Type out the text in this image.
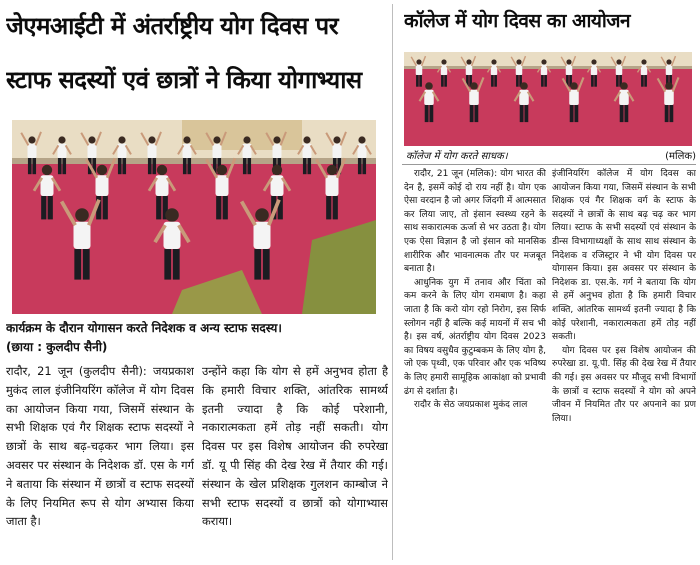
जेएमआईटी में अंतर्राष्ट्रीय योग दिवस पर
स्टाफ सदस्यों एवं छात्रों ने किया योगाभ्यास
कार्यक्रम के दौरान योगासन करते निदेशक व अन्य स्टाफ सदस्य।
(छाया : कुलदीप सैनी)

रादौर, 21 जून (कुलदीप सैनी): जयप्रकाश मुकंद लाल इंजीनियरिंग कॉलेज में योग दिवस का आयोजन किया गया, जिसमें संस्थान के सभी शिक्षक एवं गैर शिक्षक स्टाफ सदस्यों ने छात्रों के साथ बढ़-चढ़कर भाग लिया। इस अवसर पर संस्थान के निदेशक डॉ. एस के गर्ग ने बताया कि संस्थान में छात्रों व स्टाफ सदस्यों के लिए नियमित रूप से योग अभ्यास किया जाता है।

उन्होंने कहा कि योग से हमें अनुभव होता है कि हमारी विचार शक्ति, आंतरिक सामर्थ्य इतनी ज्यादा है कि कोई परेशानी, नकारात्मकता हमें तोड़ नहीं सकती। योग दिवस पर इस विशेष आयोजन की रुपरेखा डॉ. यू पी सिंह की देख रेख में तैयार की गई। संस्थान के खेल प्रशिक्षक गुलशन काम्बोज ने सभी स्टाफ सदस्यों व छात्रों को योगाभ्यास कराया।

कॉलेज में योग दिवस का आयोजन
कॉलेज में योग करते साधक।	(मलिक)

रादौर, 21 जून (मलिक): योग भारत की देन है, इसमें कोई दो राय नहीं है। योग एक ऐसा वरदान है जो अगर जिंदगी में आत्मसात कर लिया जाए, तो इंसान स्वस्थ्य रहने के साथ सकारात्मक ऊर्जा से भर उठता है। योग एक ऐसा विज्ञान है जो इंसान को मानसिक शारीरिक और भावनात्मक तौर पर मजबूत बनाता है।

आधुनिक युग में तनाव और चिंता को कम करने के लिए योग रामबाण है। कहा जाता है कि करो योग रहो निरोग, इस सिर्फ स्लोगन नहीं है बल्कि कई मायनों में सच भी है। इस वर्ष, अंतर्राष्ट्रीय योग दिवस 2023 का विषय वसुधैव कुटुम्बकम के लिए योग है, जो एक पृथ्वी, एक परिवार और एक भविष्य के लिए हमारी सामूहिक आकांक्षा को प्रभावी ढंग से दर्शाता है।

रादौर के सेठ जयप्रकाश मुकंद लाल

इंजीनियरिंग कॉलेज में योग दिवस का आयोजन किया गया, जिसमें संस्थान के सभी शिक्षक एवं गैर शिक्षक वर्ग के स्टाफ के सदस्यों ने छात्रों के साथ बढ़ चढ़ कर भाग लिया। स्टाफ के सभी सदस्यों एवं संस्थान के डीन्स विभागाध्यक्षों के साथ साथ संस्थान के निदेशक व रजिस्ट्रार ने भी योग दिवस पर योगासन किया। इस अवसर पर संस्थान के निदेशक डा. एस.के. गर्ग ने बताया कि योग से हमें अनुभव होता है कि हमारी विचार शक्ति, आंतरिक सामर्थ्य इतनी ज्यादा है कि कोई परेशानी, नकारात्मकता हमें तोड़ नहीं सकती।

योग दिवस पर इस विशेष आयोजन की रुपरेखा डा. यू.पी. सिंह की देख रेख में तैयार की गई। इस अवसर पर मौजूद सभी विभागों के छात्रों व स्टाफ सदस्यों ने योग को अपने जीवन में नियमित तौर पर अपनाने का प्रण लिया।
